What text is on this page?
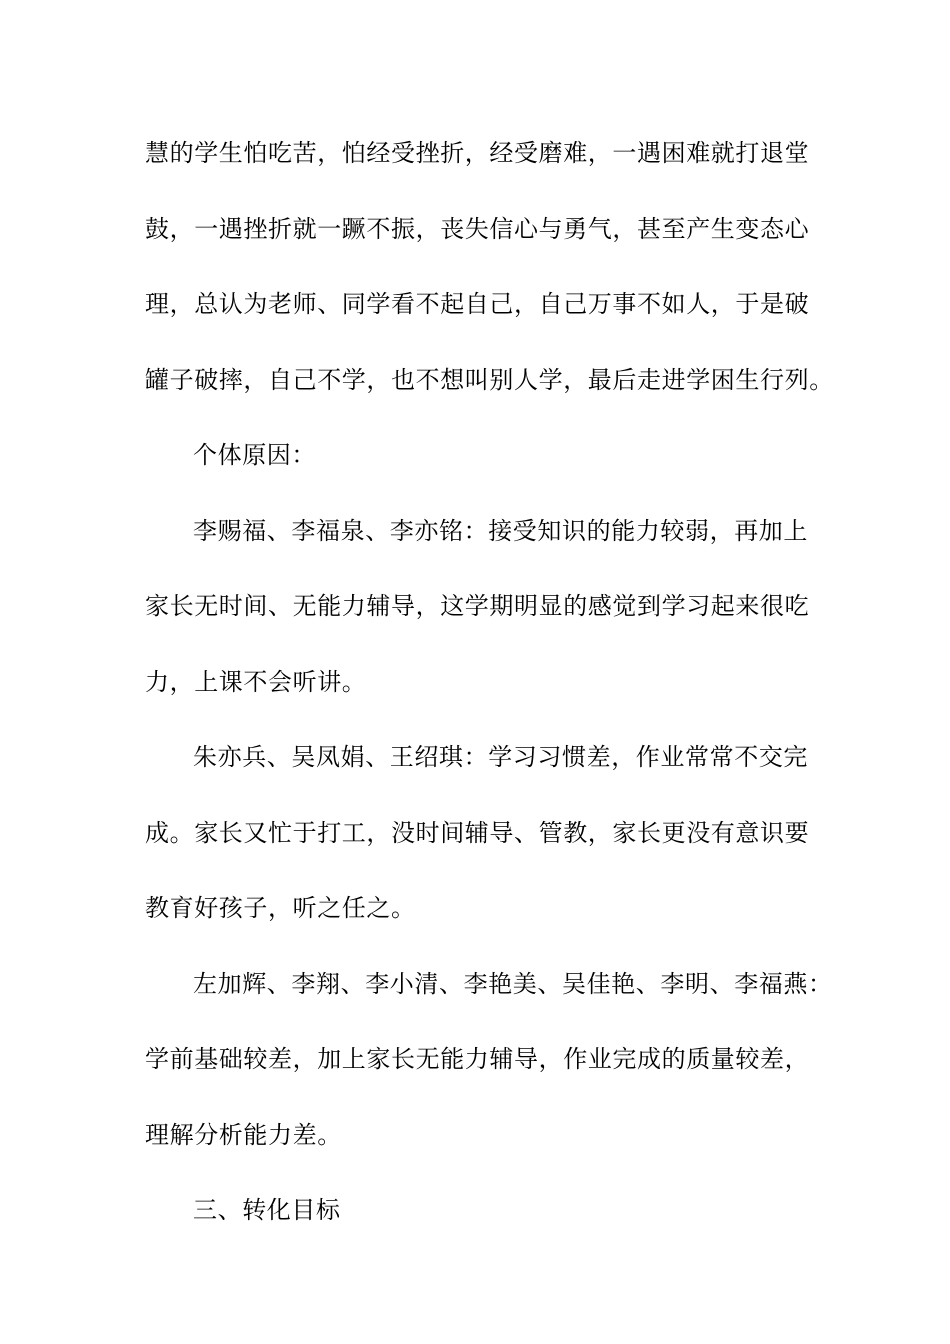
慧的学生怕吃苦，怕经受挫折，经受磨难，一遇困难就打退堂
鼓，一遇挫折就一蹶不振，丧失信心与勇气，甚至产生变态心
理，总认为老师、同学看不起自己，自己万事不如人，于是破
罐子破摔，自己不学，也不想叫别人学，最后走进学困生行列。
个体原因：
李赐福、李福泉、李亦铭：接受知识的能力较弱，再加上
家长无时间、无能力辅导，这学期明显的感觉到学习起来很吃
力，上课不会听讲。
朱亦兵、吴凤娟、王绍琪：学习习惯差，作业常常不交完
成。家长又忙于打工，没时间辅导、管教，家长更没有意识要
教育好孩子，听之任之。
左加辉、李翔、李小清、李艳美、吴佳艳、李明、李福燕：
学前基础较差，加上家长无能力辅导，作业完成的质量较差，
理解分析能力差。
三、转化目标
